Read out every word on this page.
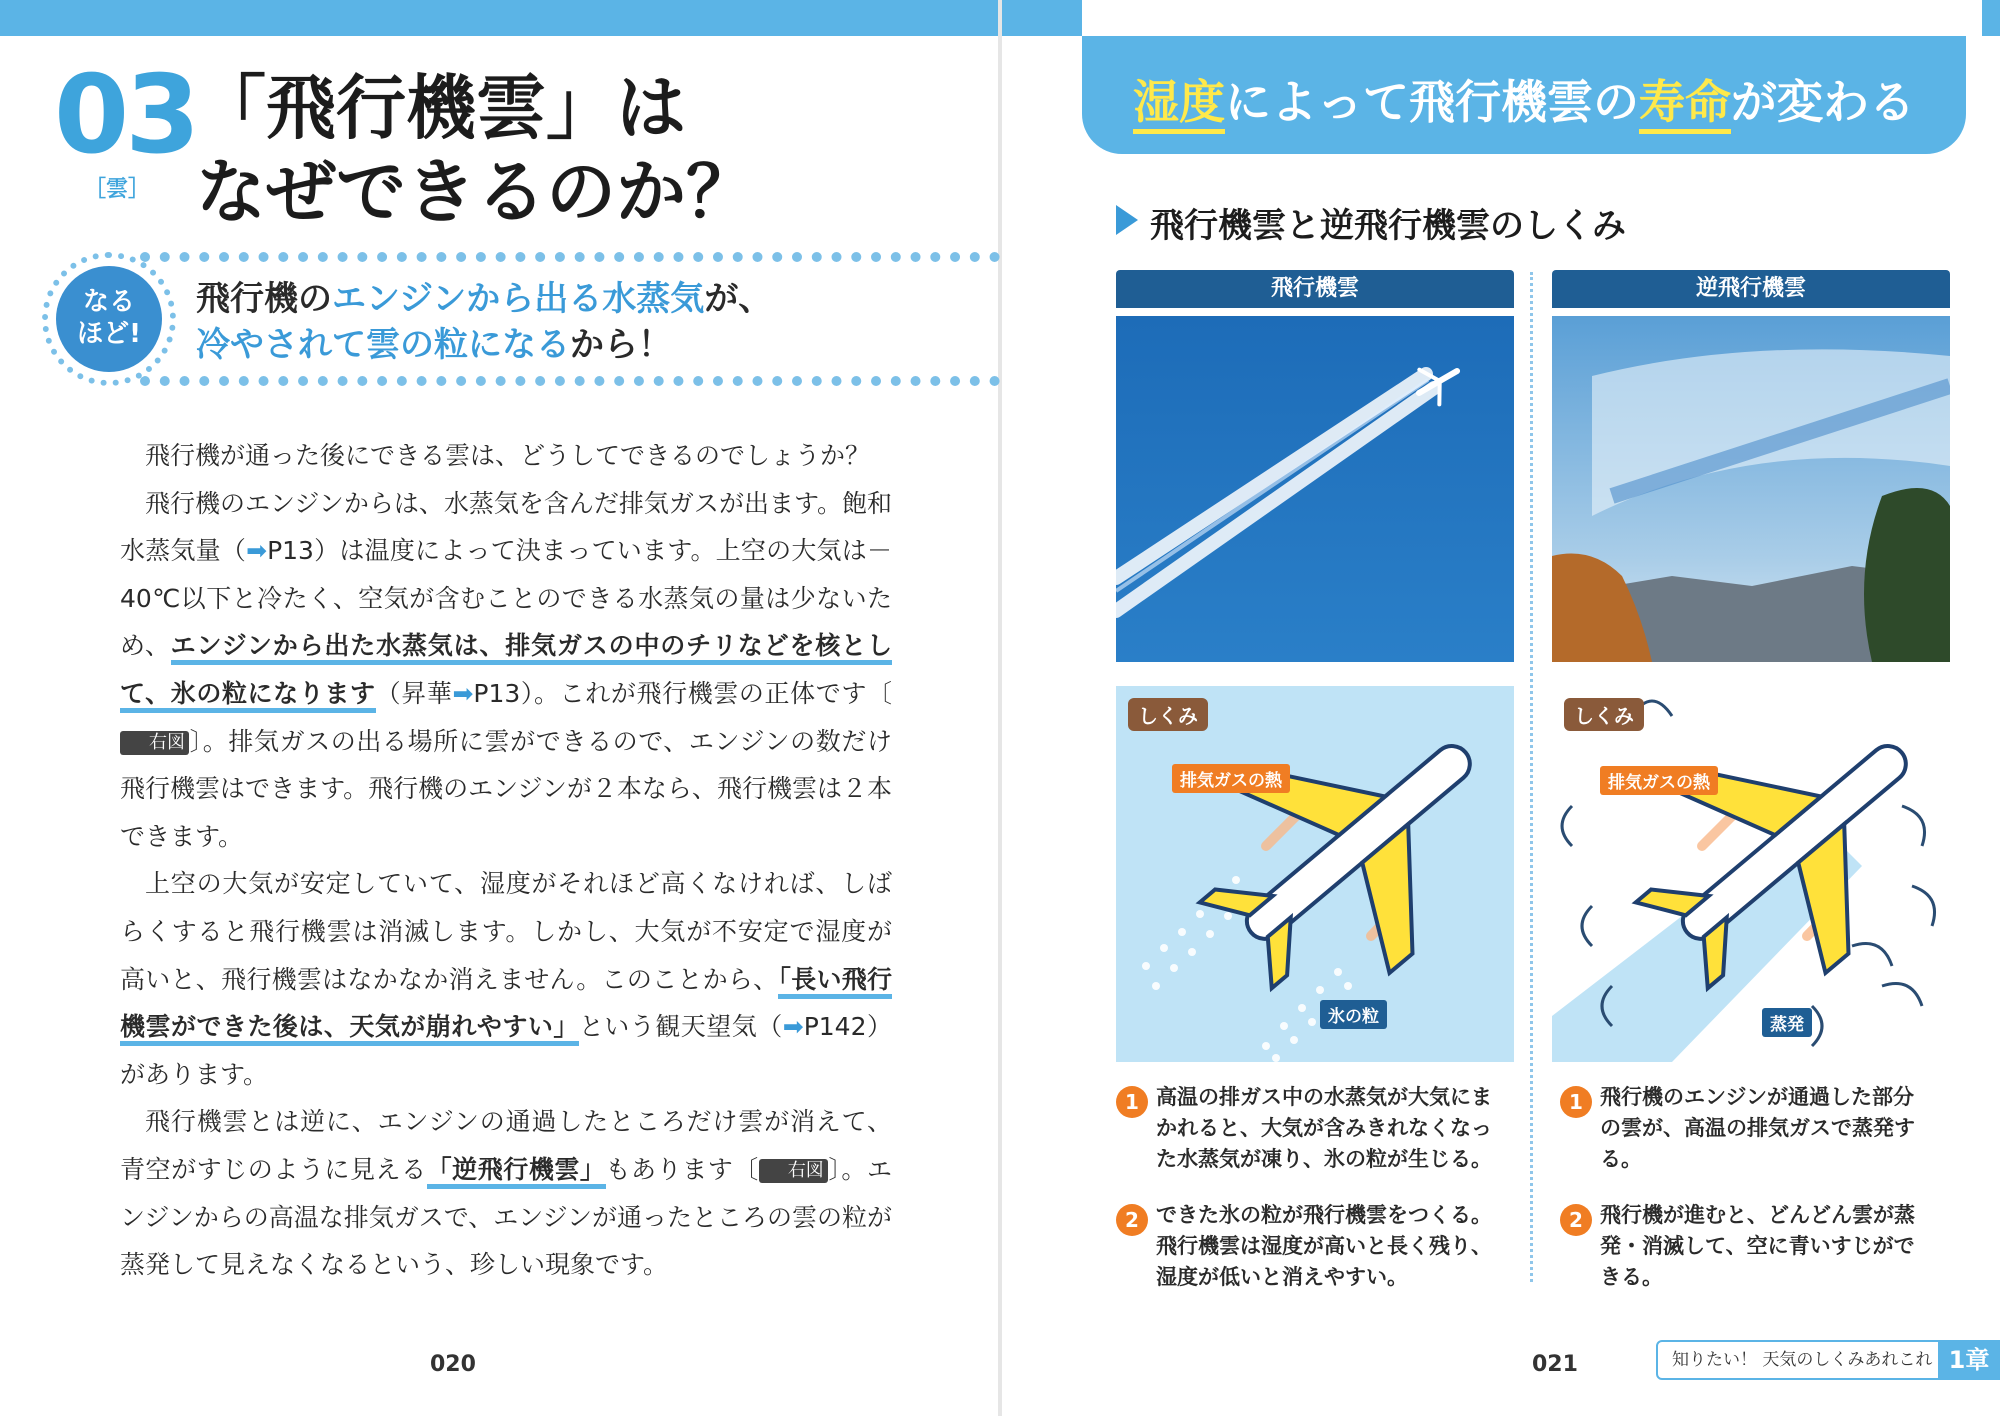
03
［雲］
「飛行機雲」は
なぜできるのか？
なる
ほど!
飛行機のエンジンから出る水蒸気が、
冷やされて雲の粒になるから！

飛行機が通った後にできる雲は、どうしてできるのでしょうか？

飛行機のエンジンからは、水蒸気を含んだ排気ガスが出ます。飽和水蒸気量（➡P13）は温度によって決まっています。上空の大気は－40℃以下と冷たく、空気が含むことのできる水蒸気の量は少ないため、エンジンから出た水蒸気は、排気ガスの中のチリなどを核として、氷の粒になります（昇華➡P13）。これが飛行機雲の正体です〔右図 〕。排気ガスの出る場所に雲ができるので、エンジンの数だけ飛行機雲はできます。飛行機のエンジンが２本なら、飛行機雲は２本できます。

上空の大気が安定していて、湿度がそれほど高くなければ、しばらくすると飛行機雲は消滅します。しかし、大気が不安定で湿度が高いと、飛行機雲はなかなか消えません。このことから、「長い飛行機雲ができた後は、天気が崩れやすい」という観天望気（➡P142）があります。

飛行機雲とは逆に、エンジンの通過したところだけ雲が消えて、青空がすじのように見える「逆飛行機雲」もあります〔 右図 〕。エンジンからの高温な排気ガスで、エンジンが通ったところの雲の粒が蒸発して見えなくなるという、珍しい現象です。

020
湿度によって飛行機雲の寿命が変わる
飛行機雲と逆飛行機雲のしくみ
飛行機雲
しくみ
排気ガスの熱
氷の粒
1 高温の排ガス中の水蒸気が大気にまかれると、大気が含みきれなくなった水蒸気が凍り、氷の粒が生じる。
2 できた氷の粒が飛行機雲をつくる。飛行機雲は湿度が高いと長く残り、湿度が低いと消えやすい。
逆飛行機雲
しくみ
排気ガスの熱
蒸発
1 飛行機のエンジンが通過した部分の雲が、高温の排気ガスで蒸発する。
2 飛行機が進むと、どんどん雲が蒸発・消滅して、空に青いすじができる。
021	知りたい！ 天気のしくみあれこれ 1章
